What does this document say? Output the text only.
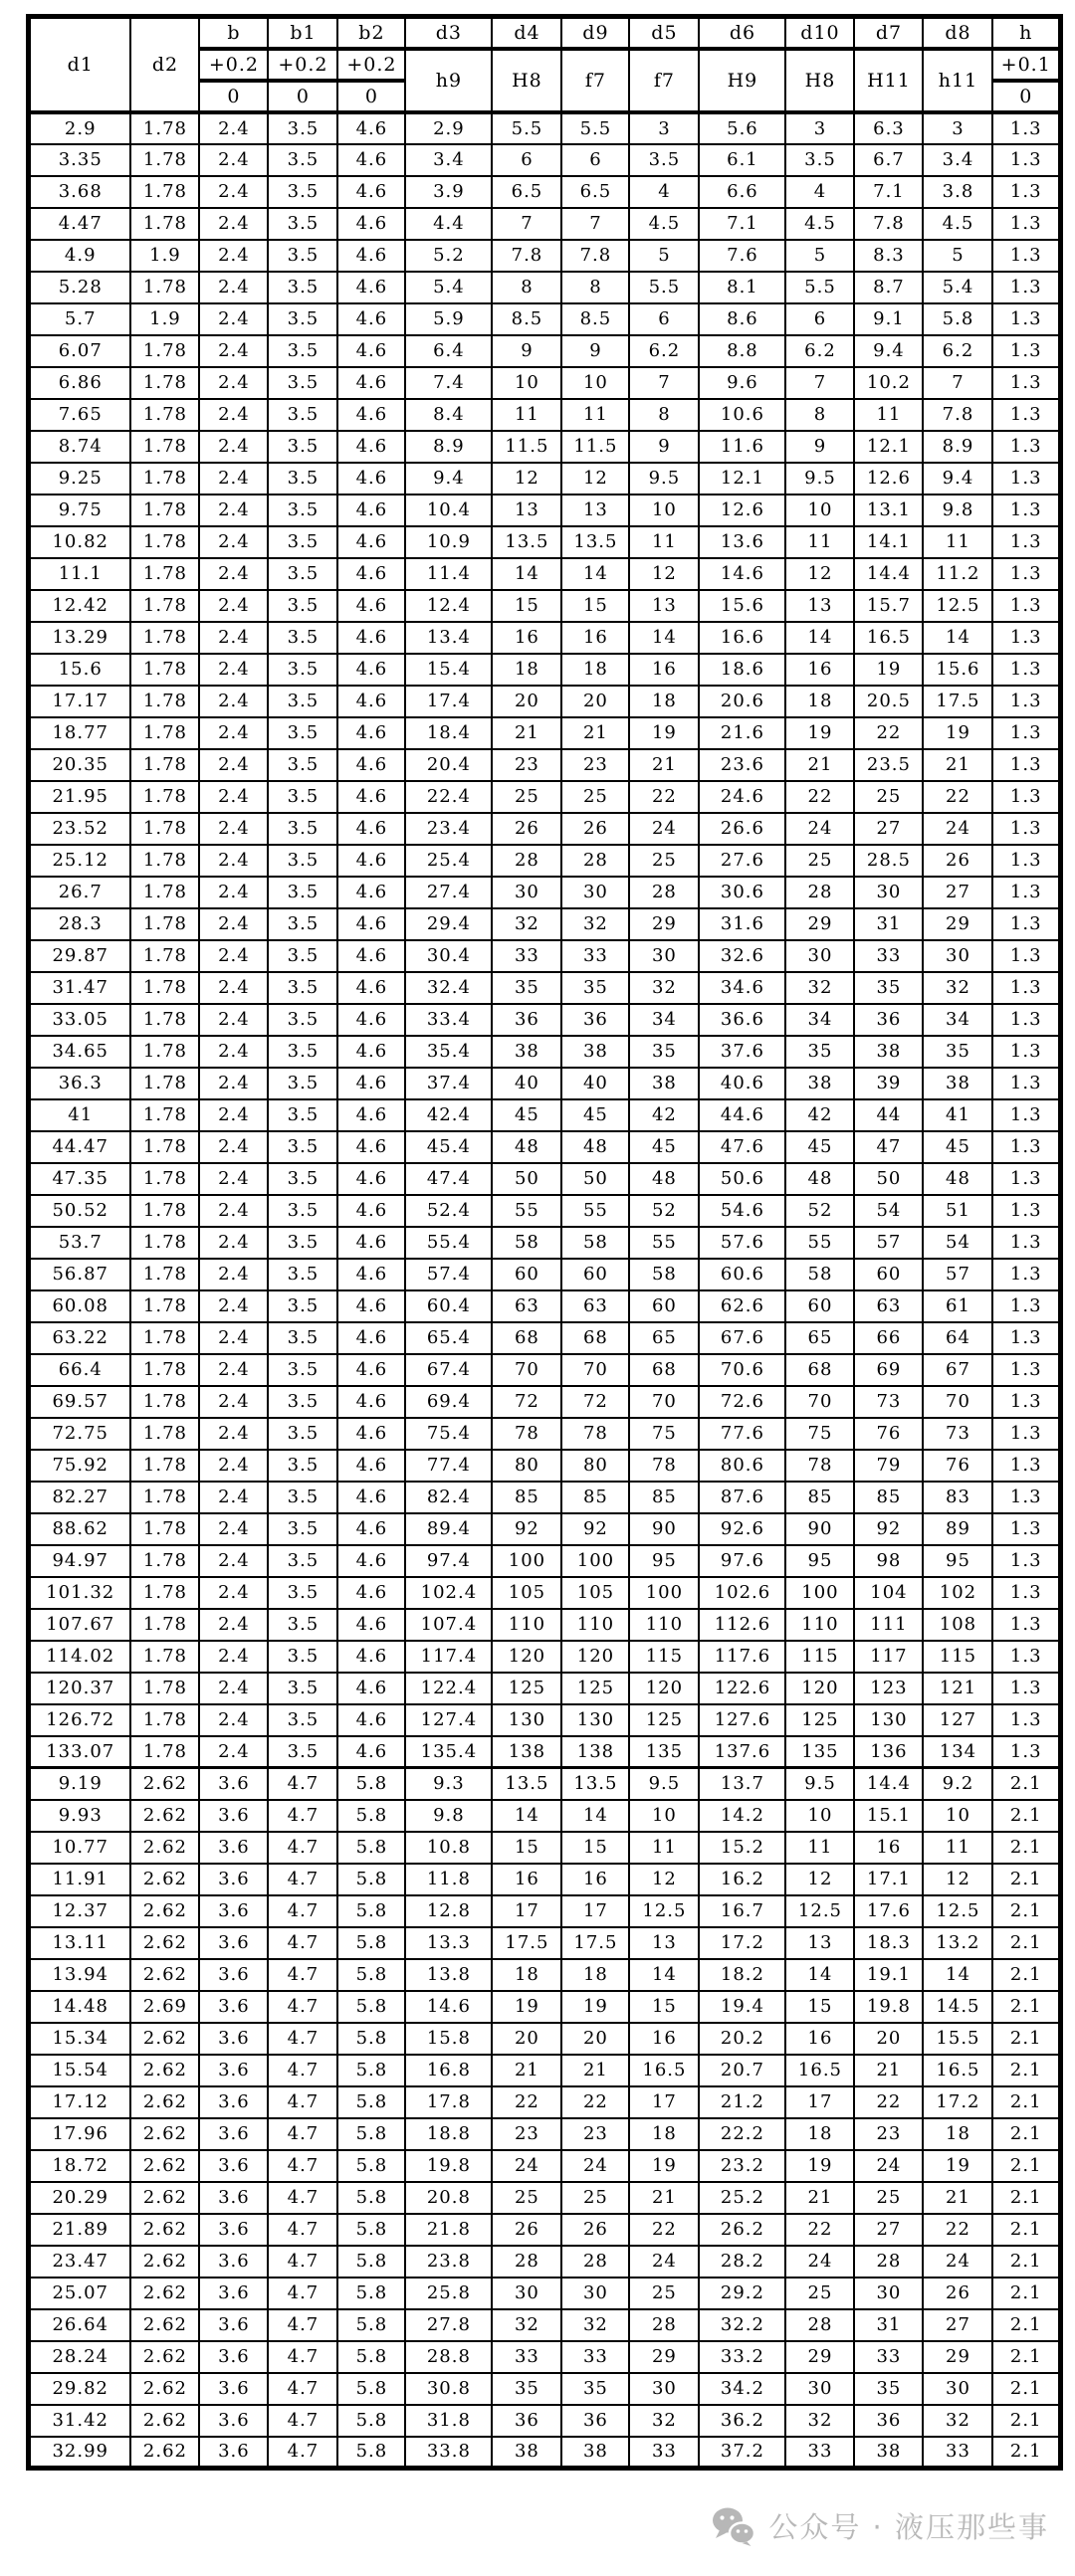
d1	d2	b	b1	b2	d3	d4	d9	d5	d6	d10	d7	d8	h
		+0.2	+0.2	+0.2	h9	H8	f7	f7	H9	H8	H11	h11	+0.1
		0	0	0									0
2.9	1.78	2.4	3.5	4.6	2.9	5.5	5.5	3	5.6	3	6.3	3	1.3
3.35	1.78	2.4	3.5	4.6	3.4	6	6	3.5	6.1	3.5	6.7	3.4	1.3
3.68	1.78	2.4	3.5	4.6	3.9	6.5	6.5	4	6.6	4	7.1	3.8	1.3
4.47	1.78	2.4	3.5	4.6	4.4	7	7	4.5	7.1	4.5	7.8	4.5	1.3
4.9	1.9	2.4	3.5	4.6	5.2	7.8	7.8	5	7.6	5	8.3	5	1.3
5.28	1.78	2.4	3.5	4.6	5.4	8	8	5.5	8.1	5.5	8.7	5.4	1.3
5.7	1.9	2.4	3.5	4.6	5.9	8.5	8.5	6	8.6	6	9.1	5.8	1.3
6.07	1.78	2.4	3.5	4.6	6.4	9	9	6.2	8.8	6.2	9.4	6.2	1.3
6.86	1.78	2.4	3.5	4.6	7.4	10	10	7	9.6	7	10.2	7	1.3
7.65	1.78	2.4	3.5	4.6	8.4	11	11	8	10.6	8	11	7.8	1.3
8.74	1.78	2.4	3.5	4.6	8.9	11.5	11.5	9	11.6	9	12.1	8.9	1.3
9.25	1.78	2.4	3.5	4.6	9.4	12	12	9.5	12.1	9.5	12.6	9.4	1.3
9.75	1.78	2.4	3.5	4.6	10.4	13	13	10	12.6	10	13.1	9.8	1.3
10.82	1.78	2.4	3.5	4.6	10.9	13.5	13.5	11	13.6	11	14.1	11	1.3
11.1	1.78	2.4	3.5	4.6	11.4	14	14	12	14.6	12	14.4	11.2	1.3
12.42	1.78	2.4	3.5	4.6	12.4	15	15	13	15.6	13	15.7	12.5	1.3
13.29	1.78	2.4	3.5	4.6	13.4	16	16	14	16.6	14	16.5	14	1.3
15.6	1.78	2.4	3.5	4.6	15.4	18	18	16	18.6	16	19	15.6	1.3
17.17	1.78	2.4	3.5	4.6	17.4	20	20	18	20.6	18	20.5	17.5	1.3
18.77	1.78	2.4	3.5	4.6	18.4	21	21	19	21.6	19	22	19	1.3
20.35	1.78	2.4	3.5	4.6	20.4	23	23	21	23.6	21	23.5	21	1.3
21.95	1.78	2.4	3.5	4.6	22.4	25	25	22	24.6	22	25	22	1.3
23.52	1.78	2.4	3.5	4.6	23.4	26	26	24	26.6	24	27	24	1.3
25.12	1.78	2.4	3.5	4.6	25.4	28	28	25	27.6	25	28.5	26	1.3
26.7	1.78	2.4	3.5	4.6	27.4	30	30	28	30.6	28	30	27	1.3
28.3	1.78	2.4	3.5	4.6	29.4	32	32	29	31.6	29	31	29	1.3
29.87	1.78	2.4	3.5	4.6	30.4	33	33	30	32.6	30	33	30	1.3
31.47	1.78	2.4	3.5	4.6	32.4	35	35	32	34.6	32	35	32	1.3
33.05	1.78	2.4	3.5	4.6	33.4	36	36	34	36.6	34	36	34	1.3
34.65	1.78	2.4	3.5	4.6	35.4	38	38	35	37.6	35	38	35	1.3
36.3	1.78	2.4	3.5	4.6	37.4	40	40	38	40.6	38	39	38	1.3
41	1.78	2.4	3.5	4.6	42.4	45	45	42	44.6	42	44	41	1.3
44.47	1.78	2.4	3.5	4.6	45.4	48	48	45	47.6	45	47	45	1.3
47.35	1.78	2.4	3.5	4.6	47.4	50	50	48	50.6	48	50	48	1.3
50.52	1.78	2.4	3.5	4.6	52.4	55	55	52	54.6	52	54	51	1.3
53.7	1.78	2.4	3.5	4.6	55.4	58	58	55	57.6	55	57	54	1.3
56.87	1.78	2.4	3.5	4.6	57.4	60	60	58	60.6	58	60	57	1.3
60.08	1.78	2.4	3.5	4.6	60.4	63	63	60	62.6	60	63	61	1.3
63.22	1.78	2.4	3.5	4.6	65.4	68	68	65	67.6	65	66	64	1.3
66.4	1.78	2.4	3.5	4.6	67.4	70	70	68	70.6	68	69	67	1.3
69.57	1.78	2.4	3.5	4.6	69.4	72	72	70	72.6	70	73	70	1.3
72.75	1.78	2.4	3.5	4.6	75.4	78	78	75	77.6	75	76	73	1.3
75.92	1.78	2.4	3.5	4.6	77.4	80	80	78	80.6	78	79	76	1.3
82.27	1.78	2.4	3.5	4.6	82.4	85	85	85	87.6	85	85	83	1.3
88.62	1.78	2.4	3.5	4.6	89.4	92	92	90	92.6	90	92	89	1.3
94.97	1.78	2.4	3.5	4.6	97.4	100	100	95	97.6	95	98	95	1.3
101.32	1.78	2.4	3.5	4.6	102.4	105	105	100	102.6	100	104	102	1.3
107.67	1.78	2.4	3.5	4.6	107.4	110	110	110	112.6	110	111	108	1.3
114.02	1.78	2.4	3.5	4.6	117.4	120	120	115	117.6	115	117	115	1.3
120.37	1.78	2.4	3.5	4.6	122.4	125	125	120	122.6	120	123	121	1.3
126.72	1.78	2.4	3.5	4.6	127.4	130	130	125	127.6	125	130	127	1.3
133.07	1.78	2.4	3.5	4.6	135.4	138	138	135	137.6	135	136	134	1.3
9.19	2.62	3.6	4.7	5.8	9.3	13.5	13.5	9.5	13.7	9.5	14.4	9.2	2.1
9.93	2.62	3.6	4.7	5.8	9.8	14	14	10	14.2	10	15.1	10	2.1
10.77	2.62	3.6	4.7	5.8	10.8	15	15	11	15.2	11	16	11	2.1
11.91	2.62	3.6	4.7	5.8	11.8	16	16	12	16.2	12	17.1	12	2.1
12.37	2.62	3.6	4.7	5.8	12.8	17	17	12.5	16.7	12.5	17.6	12.5	2.1
13.11	2.62	3.6	4.7	5.8	13.3	17.5	17.5	13	17.2	13	18.3	13.2	2.1
13.94	2.62	3.6	4.7	5.8	13.8	18	18	14	18.2	14	19.1	14	2.1
14.48	2.69	3.6	4.7	5.8	14.6	19	19	15	19.4	15	19.8	14.5	2.1
15.34	2.62	3.6	4.7	5.8	15.8	20	20	16	20.2	16	20	15.5	2.1
15.54	2.62	3.6	4.7	5.8	16.8	21	21	16.5	20.7	16.5	21	16.5	2.1
17.12	2.62	3.6	4.7	5.8	17.8	22	22	17	21.2	17	22	17.2	2.1
17.96	2.62	3.6	4.7	5.8	18.8	23	23	18	22.2	18	23	18	2.1
18.72	2.62	3.6	4.7	5.8	19.8	24	24	19	23.2	19	24	19	2.1
20.29	2.62	3.6	4.7	5.8	20.8	25	25	21	25.2	21	25	21	2.1
21.89	2.62	3.6	4.7	5.8	21.8	26	26	22	26.2	22	27	22	2.1
23.47	2.62	3.6	4.7	5.8	23.8	28	28	24	28.2	24	28	24	2.1
25.07	2.62	3.6	4.7	5.8	25.8	30	30	25	29.2	25	30	26	2.1
26.64	2.62	3.6	4.7	5.8	27.8	32	32	28	32.2	28	31	27	2.1
28.24	2.62	3.6	4.7	5.8	28.8	33	33	29	33.2	29	33	29	2.1
29.82	2.62	3.6	4.7	5.8	30.8	35	35	30	34.2	30	35	30	2.1
31.42	2.62	3.6	4.7	5.8	31.8	36	36	32	36.2	32	36	32	2.1
32.99	2.62	3.6	4.7	5.8	33.8	38	38	33	37.2	33	38	33	2.1
公众号 · 液压那些事
